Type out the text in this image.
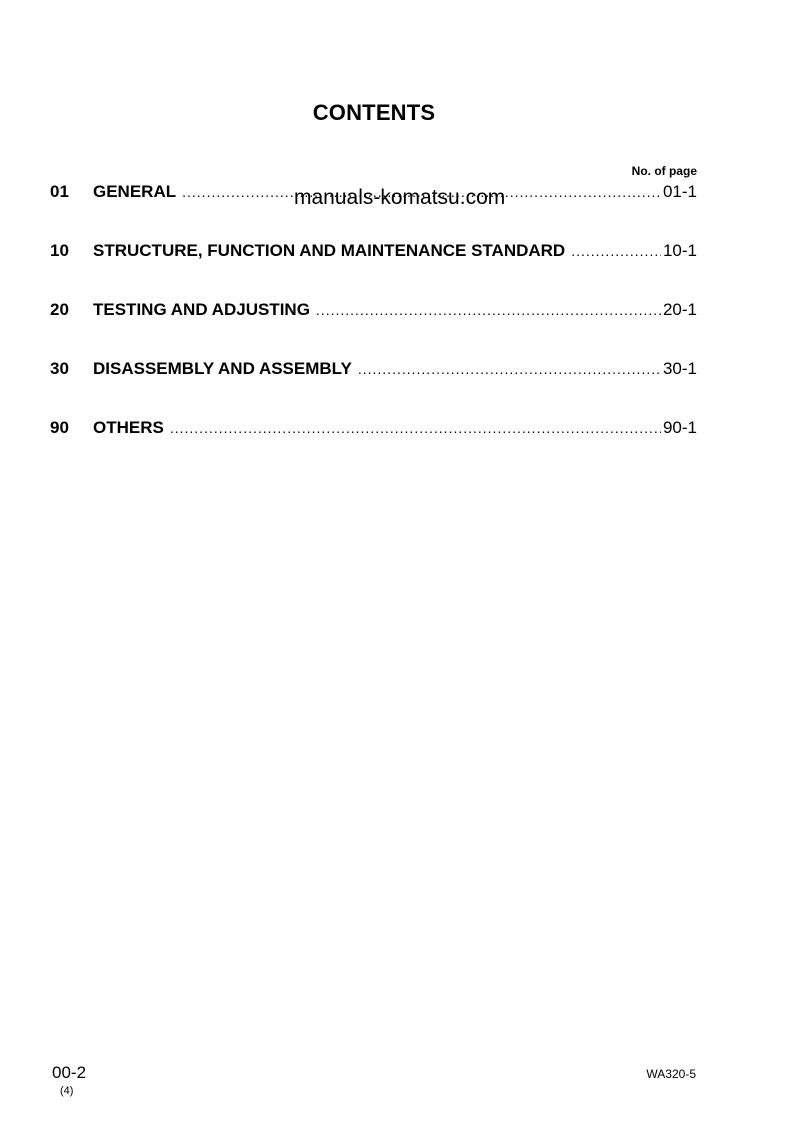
CONTENTS
No. of page
01	GENERAL .....	01-1
10	STRUCTURE, FUNCTION AND MAINTENANCE STANDARD .....	10-1
20	TESTING AND ADJUSTING .....	20-1
30	DISASSEMBLY AND ASSEMBLY .....	30-1
90	OTHERS .....	90-1
manuals-komatsu.com
00-2
(4)
WA320-5
